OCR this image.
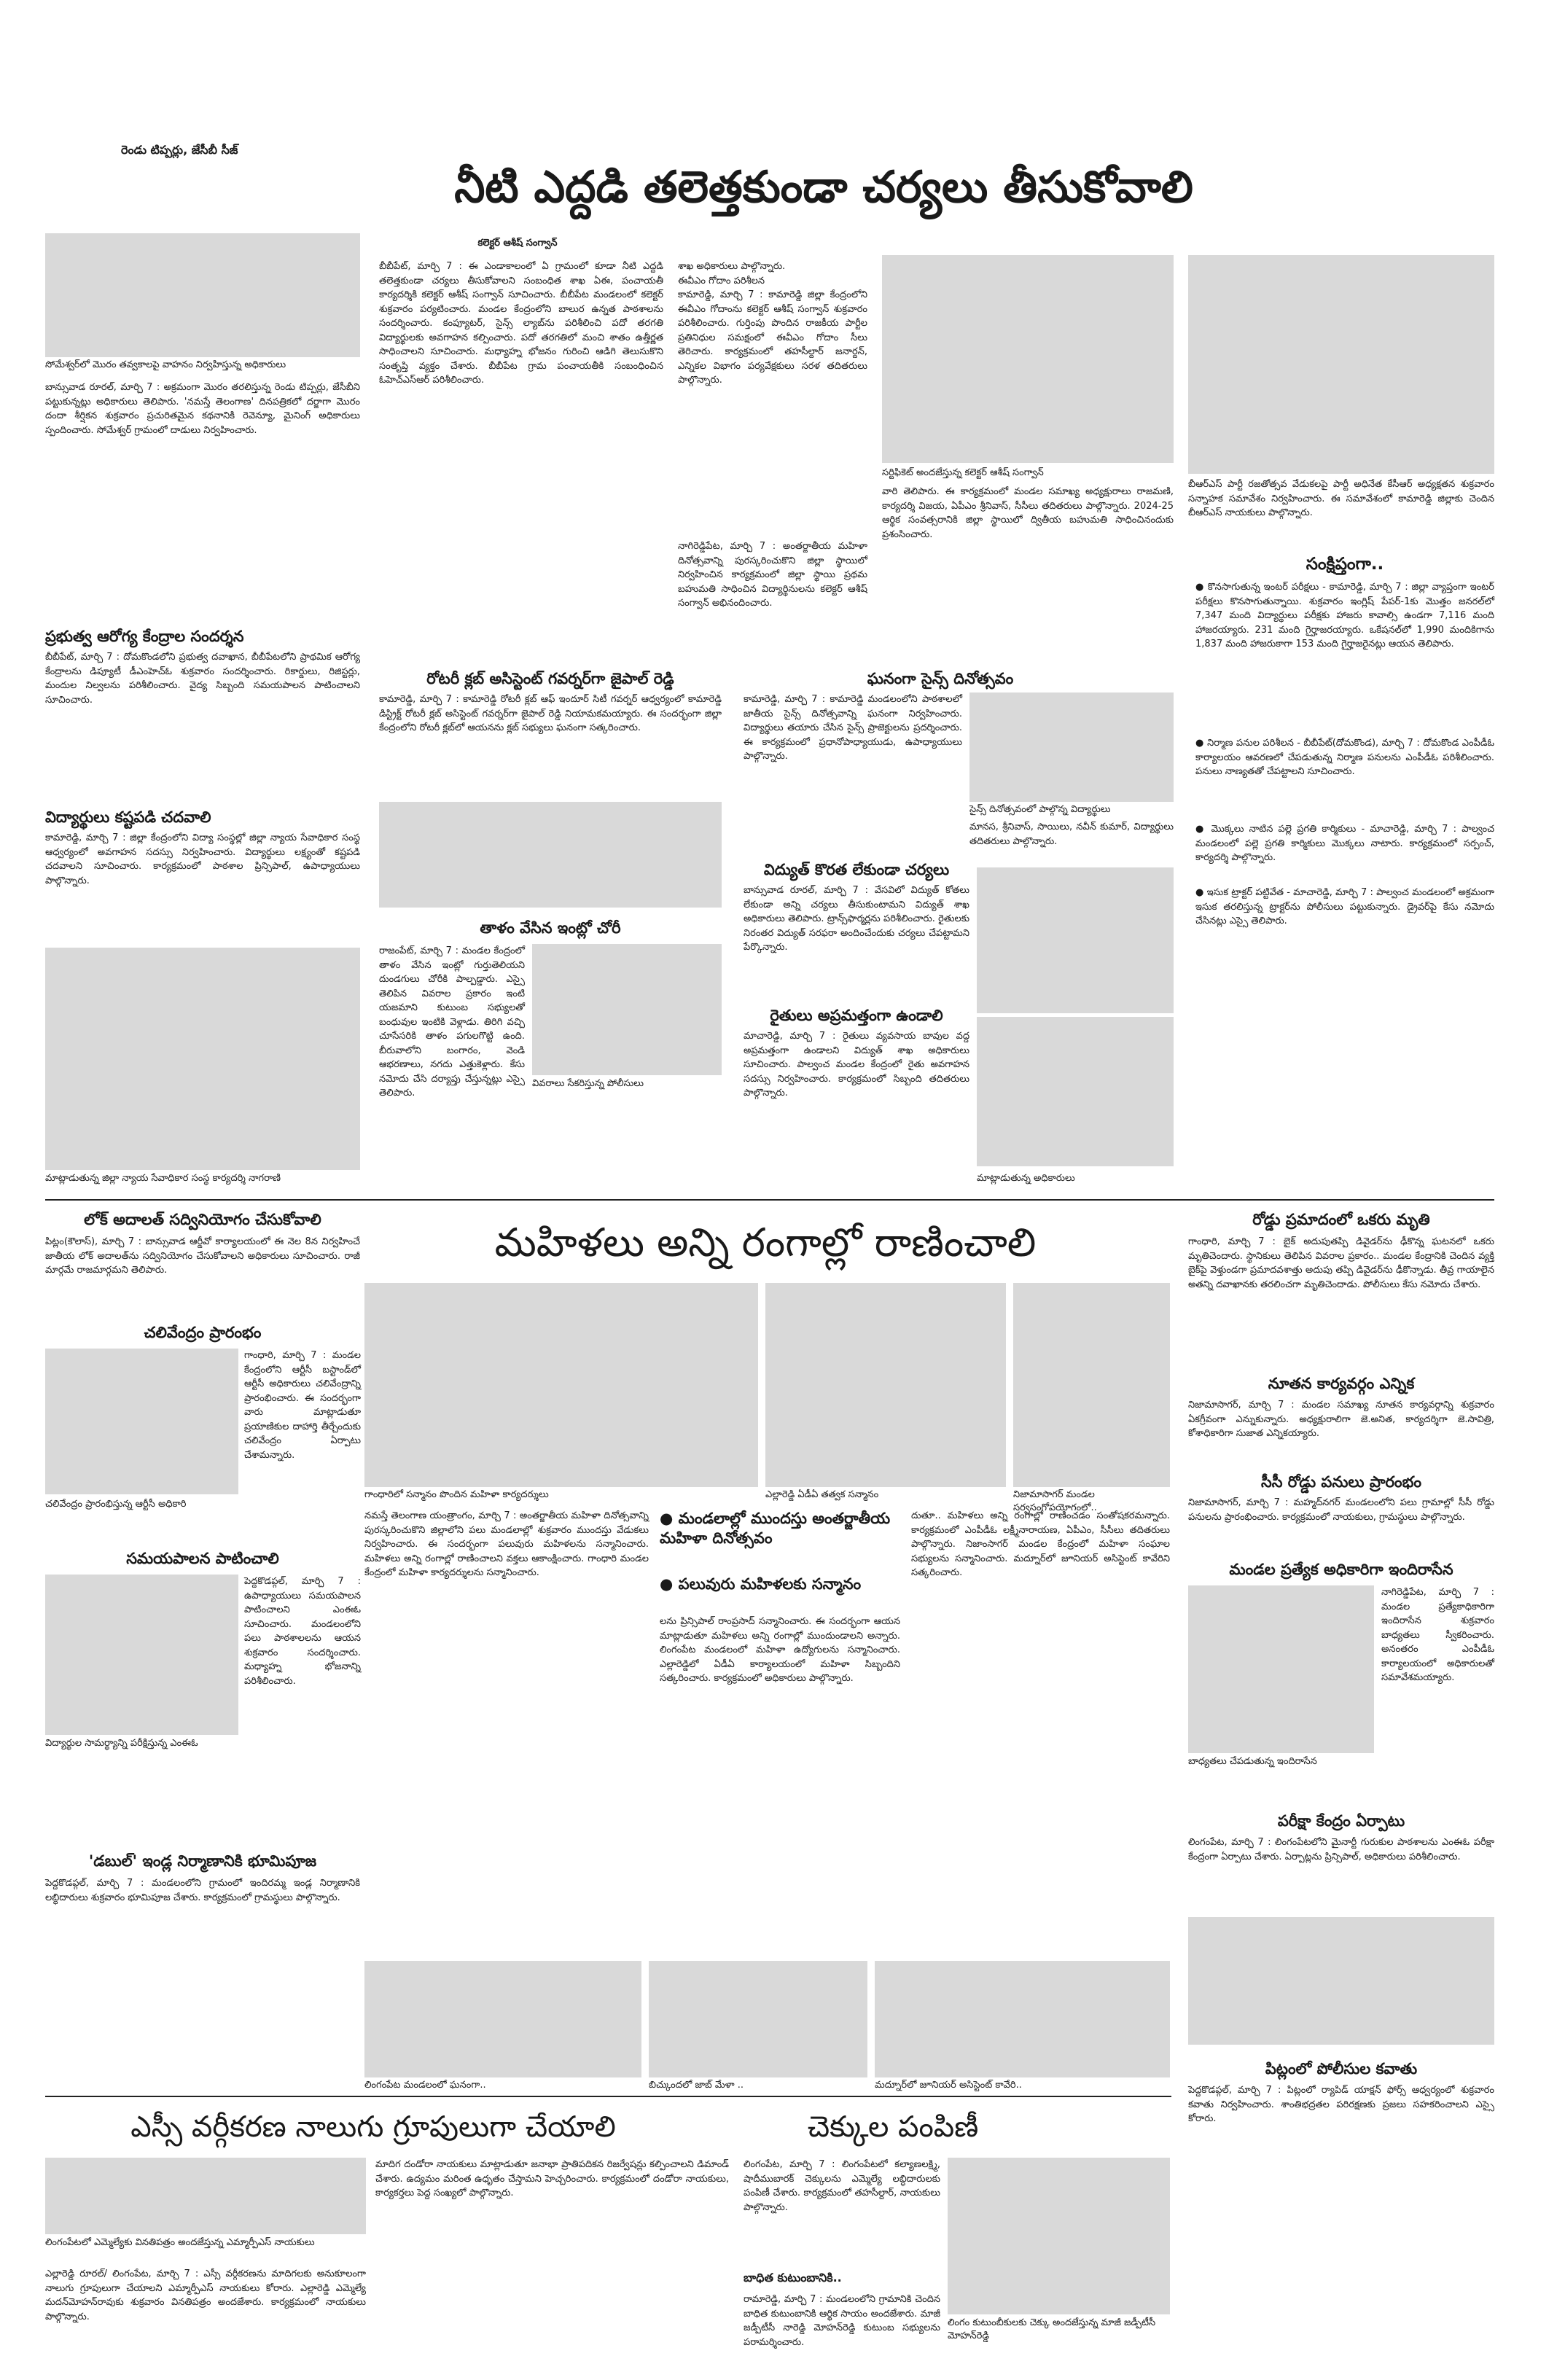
రెండు టిప్పర్లు, జేసీబీ సీజ్
నీటి ఎద్దడి తలెత్తకుండా చర్యలు తీసుకోవాలి
కలెక్టర్‌ ఆశీష్‌ సంగ్వాన్‌
సోమేశ్వర్‌లో మొరం తవ్వకాలపై వాహనం నిర్వహిస్తున్న అధికారులు
బాన్సువాడ రూరల్‌, మార్చి 7 : అక్రమంగా మొరం తరలిస్తున్న రెండు టిప్పర్లు, జేసీబీని పట్టుకున్నట్లు అధికారులు తెలిపారు. 'నమస్తే తెలంగాణ' దినపత్రికలో దర్జాగా మొరం దందా శీర్షికన శుక్రవారం ప్రచురితమైన కథనానికి రెవెన్యూ, మైనింగ్‌ అధికారులు స్పందించారు. సోమేశ్వర్‌ గ్రామంలో దాడులు నిర్వహించారు.
బీబీపేట్‌, మార్చి 7 : ఈ ఎండాకాలంలో ఏ గ్రామంలో కూడా నీటి ఎద్దడి తలెత్తకుండా చర్యలు తీసుకోవాలని సంబంధిత శాఖ ఏఈ, పంచాయతీ కార్యదర్శికి కలెక్టర్‌ ఆశీష్‌ సంగ్వాన్‌ సూచించారు. బీబీపేట మండలంలో కలెక్టర్‌ శుక్రవారం పర్యటించారు. మండల కేంద్రంలోని బాలుర ఉన్నత పాఠశాలను సందర్శించారు. కంప్యూటర్‌, సైన్స్‌ ల్యాబ్‌ను పరిశీలించి పదో తరగతి విద్యార్థులకు అవగాహన కల్పించారు. పదో తరగతిలో మంచి శాతం ఉత్తీర్ణత సాధించాలని సూచించారు. మధ్యాహ్న భోజనం గురించి ఆడిగి తెలుసుకొని సంతృప్తి వ్యక్తం చేశారు. బీబీపేట గ్రామ పంచాయతీకి సంబంధించిన ఓహెచ్‌ఎస్‌ఆర్‌ పరిశీలించారు.
శాఖ అధికారులు పాల్గొన్నారు.
ఈవీఎం గోదాం పరిశీలన
కామారెడ్డి, మార్చి 7 : కామారెడ్డి జిల్లా కేంద్రంలోని ఈవీఎం గోదాంను కలెక్టర్‌ ఆశీష్‌ సంగ్వాన్‌ శుక్రవారం పరిశీలించారు. గుర్తింపు పొందిన రాజకీయ పార్టీల ప్రతినిధుల సమక్షంలో ఈవీఎం గోదాం సీలు తెరిచారు. కార్యక్రమంలో తహసీల్దార్‌ జనార్దన్‌, ఎన్నికల విభాగం పర్యవేక్షకులు సరళ తదితరులు పాల్గొన్నారు.
నాగిరెడ్డిపేట, మార్చి 7 : అంతర్జాతీయ మహిళా దినోత్సవాన్ని పురస్కరించుకొని జిల్లా స్థాయిలో నిర్వహించిన కార్యక్రమంలో జిల్లా స్థాయి ప్రథమ బహుమతి సాధించిన విద్యార్థినులను కలెక్టర్‌ ఆశీష్‌ సంగ్వాన్‌ అభినందించారు.
సర్టిఫికెట్‌ అందజేస్తున్న కలెక్టర్‌ ఆశీష్‌ సంగ్వాన్‌
వారి తెలిపారు. ఈ కార్యక్రమంలో మండల సమాఖ్య అధ్యక్షురాలు రాజమణి, కార్యదర్శి విజయ, ఏపీఎం శ్రీనివాస్‌, సీసీలు తదితరులు పాల్గొన్నారు. 2024-25 ఆర్థిక సంవత్సరానికి జిల్లా స్థాయిలో ద్వితీయ బహుమతి సాధించినందుకు ప్రశంసించారు.
బీఆర్‌ఎస్‌ పార్టీ రజతోత్సవ వేడుకలపై పార్టీ అధినేత కేసీఆర్‌ అధ్యక్షతన శుక్రవారం సన్నాహక సమావేశం నిర్వహించారు. ఈ సమావేశంలో కామారెడ్డి జిల్లాకు చెందిన బీఆర్‌ఎస్‌ నాయకులు పాల్గొన్నారు.
ప్రభుత్వ ఆరోగ్య కేంద్రాల సందర్శన
బీబీపేట్‌, మార్చి 7 : దోమకొండలోని ప్రభుత్వ దవాఖాన, బీబీపేటలోని ప్రాథమిక ఆరోగ్య కేంద్రాలను డిప్యూటీ డీఎంహెచ్‌ఓ శుక్రవారం సందర్శించారు. రికార్డులు, రిజిస్టర్లు, మందుల నిల్వలను పరిశీలించారు. వైద్య సిబ్బంది సమయపాలన పాటించాలని సూచించారు.
విద్యార్థులు కష్టపడి చదవాలి
కామారెడ్డి, మార్చి 7 : జిల్లా కేంద్రంలోని విద్యా సంస్థల్లో జిల్లా న్యాయ సేవాధికార సంస్థ ఆధ్వర్యంలో అవగాహన సదస్సు నిర్వహించారు. విద్యార్థులు లక్ష్యంతో కష్టపడి చదవాలని సూచించారు. కార్యక్రమంలో పాఠశాల ప్రిన్సిపాల్‌, ఉపాధ్యాయులు పాల్గొన్నారు.
మాట్లాడుతున్న జిల్లా న్యాయ సేవాధికార సంస్థ కార్యదర్శి నాగరాణి
రోటరీ క్లబ్‌ అసిస్టెంట్‌ గవర్నర్‌గా జైపాల్‌ రెడ్డి
కామారెడ్డి, మార్చి 7 : కామారెడ్డి రోటరీ క్లబ్‌ ఆఫ్‌ ఇందూర్‌ సిటీ గవర్నర్‌ ఆధ్వర్యంలో కామారెడ్డి డిస్ట్రిక్ట్‌ రోటరీ క్లబ్‌ అసిస్టెంట్‌ గవర్నర్‌గా జైపాల్‌ రెడ్డి నియామకమయ్యారు. ఈ సందర్భంగా జిల్లా కేంద్రంలోని రోటరీ క్లబ్‌లో ఆయనను క్లబ్‌ సభ్యులు ఘనంగా సత్కరించారు.
తాళం వేసిన ఇంట్లో చోరీ
రాజంపేట్‌, మార్చి 7 : మండల కేంద్రంలో తాళం వేసిన ఇంట్లో గుర్తుతెలియని దుండగులు చోరీకి పాల్పడ్డారు. ఎస్సై తెలిపిన వివరాల ప్రకారం ఇంటి యజమాని కుటుంబ సభ్యులతో బంధువుల ఇంటికి వెళ్లాడు. తిరిగి వచ్చి చూసేసరికి తాళం పగులగొట్టి ఉంది. బీరువాలోని బంగారం, వెండి ఆభరణాలు, నగదు ఎత్తుకెళ్లారు. కేసు నమోదు చేసి దర్యాప్తు చేస్తున్నట్లు ఎస్సై తెలిపారు.
వివరాలు సేకరిస్తున్న పోలీసులు
ఘనంగా సైన్స్‌ దినోత్సవం
కామారెడ్డి, మార్చి 7 : కామారెడ్డి మండలంలోని పాఠశాలలో జాతీయ సైన్స్‌ దినోత్సవాన్ని ఘనంగా నిర్వహించారు. విద్యార్థులు తయారు చేసిన సైన్స్‌ ప్రాజెక్టులను ప్రదర్శించారు. ఈ కార్యక్రమంలో ప్రధానోపాధ్యాయుడు, ఉపాధ్యాయులు పాల్గొన్నారు.
సైన్స్‌ దినోత్సవంలో పాల్గొన్న విద్యార్థులు
మానస, శ్రీనివాస్‌, సాయిలు, నవీన్‌ కుమార్‌, విద్యార్థులు తదితరులు పాల్గొన్నారు.
విద్యుత్‌ కొరత లేకుండా చర్యలు
బాన్సువాడ రూరల్‌, మార్చి 7 : వేసవిలో విద్యుత్‌ కోతలు లేకుండా అన్ని చర్యలు తీసుకుంటామని విద్యుత్‌ శాఖ అధికారులు తెలిపారు. ట్రాన్స్‌ఫార్మర్లను పరిశీలించారు. రైతులకు నిరంతర విద్యుత్‌ సరఫరా అందించేందుకు చర్యలు చేపట్టామని పేర్కొన్నారు.
రైతులు అప్రమత్తంగా ఉండాలి
మాచారెడ్డి, మార్చి 7 : రైతులు వ్యవసాయ బావుల వద్ద అప్రమత్తంగా ఉండాలని విద్యుత్‌ శాఖ అధికారులు సూచించారు. పాల్వంచ మండల కేంద్రంలో రైతు అవగాహన సదస్సు నిర్వహించారు. కార్యక్రమంలో సిబ్బంది తదితరులు పాల్గొన్నారు.
మాట్లాడుతున్న అధికారులు
సంక్షిప్తంగా..
● కొనసాగుతున్న ఇంటర్‌ పరీక్షలు - కామారెడ్డి, మార్చి 7 : జిల్లా వ్యాప్తంగా ఇంటర్‌ పరీక్షలు కొనసాగుతున్నాయి. శుక్రవారం ఇంగ్లిష్‌ పేపర్‌-1కు మొత్తం జనరల్‌లో 7,347 మంది విద్యార్థులు పరీక్షకు హాజరు కావాల్సి ఉండగా 7,116 మంది హాజరయ్యారు. 231 మంది గైర్హాజరయ్యారు. ఒకేషనల్‌లో 1,990 మందికిగాను 1,837 మంది హాజరుకాగా 153 మంది గైర్హాజరైనట్లు ఆయన తెలిపారు.
● నిర్మాణ పనుల పరిశీలన - బీబీపేట్‌(దోమకొండ), మార్చి 7 : దోమకొండ ఎంపీడీఓ కార్యాలయం ఆవరణలో చేపడుతున్న నిర్మాణ పనులను ఎంపీడీఓ పరిశీలించారు. పనులు నాణ్యతతో చేపట్టాలని సూచించారు.
● మొక్కలు నాటిన పల్లె ప్రగతి కార్మికులు - మాచారెడ్డి, మార్చి 7 : పాల్వంచ మండలంలో పల్లె ప్రగతి కార్మికులు మొక్కలు నాటారు. కార్యక్రమంలో సర్పంచ్‌, కార్యదర్శి పాల్గొన్నారు.
● ఇసుక ట్రాక్టర్‌ పట్టివేత - మాచారెడ్డి, మార్చి 7 : పాల్వంచ మండలంలో అక్రమంగా ఇసుక తరలిస్తున్న ట్రాక్టర్‌ను పోలీసులు పట్టుకున్నారు. డ్రైవర్‌పై కేసు నమోదు చేసినట్లు ఎస్సై తెలిపారు.
లోక్‌ అదాలత్‌ సద్వినియోగం చేసుకోవాలి
పిట్లం(కౌలాస్‌), మార్చి 7 : బాన్సువాడ ఆర్డీవో కార్యాలయంలో ఈ నెల 8న నిర్వహించే జాతీయ లోక్‌ అదాలత్‌ను సద్వినియోగం చేసుకోవాలని అధికారులు సూచించారు. రాజీ మార్గమే రాజమార్గమని తెలిపారు.
చలివేంద్రం ప్రారంభం
గాంధారి, మార్చి 7 : మండల కేంద్రంలోని ఆర్టీసీ బస్టాండ్‌లో ఆర్టీసీ అధికారులు చలివేంద్రాన్ని ప్రారంభించారు. ఈ సందర్భంగా వారు మాట్లాడుతూ ప్రయాణికుల దాహార్తి తీర్చేందుకు చలివేంద్రం ఏర్పాటు చేశామన్నారు.
చలివేంద్రం ప్రారంభిస్తున్న ఆర్టీసీ అధికారి
సమయపాలన పాటించాలి
పెద్దకొడప్గల్‌, మార్చి 7 : ఉపాధ్యాయులు సమయపాలన పాటించాలని ఎంఈఓ సూచించారు. మండలంలోని పలు పాఠశాలలను ఆయన శుక్రవారం సందర్శించారు. మధ్యాహ్న భోజనాన్ని పరిశీలించారు.
విద్యార్థుల సామర్థ్యాన్ని పరీక్షిస్తున్న ఎంఈఓ
'డబుల్‌' ఇండ్ల నిర్మాణానికి భూమిపూజ
పెద్దకొడప్గల్‌, మార్చి 7 : మండలంలోని గ్రామంలో ఇందిరమ్మ ఇండ్ల నిర్మాణానికి లబ్ధిదారులు శుక్రవారం భూమిపూజ చేశారు. కార్యక్రమంలో గ్రామస్థులు పాల్గొన్నారు.
మహిళలు అన్ని రంగాల్లో రాణించాలి
గాంధారిలో సన్మానం పొందిన మహిళా కార్యదర్శులు	ఎల్లారెడ్డి ఏడీఏ తత్వక సన్మానం	నిజామాసాగర్‌ మండల సర్వసంగోపయోగంలో..
నమస్తే తెలంగాణ యంత్రాంగం, మార్చి 7 : అంతర్జాతీయ మహిళా దినోత్సవాన్ని పురస్కరించుకొని జిల్లాలోని పలు మండలాల్లో శుక్రవారం ముందస్తు వేడుకలు నిర్వహించారు. ఈ సందర్భంగా పలువురు మహిళలను సన్మానించారు. మహిళలు అన్ని రంగాల్లో రాణించాలని వక్తలు ఆకాంక్షించారు. గాంధారి మండల కేంద్రంలో మహిళా కార్యదర్శులను సన్మానించారు.
● మండలాల్లో ముందస్తు అంతర్జాతీయ మహిళా దినోత్సవం
● పలువురు మహిళలకు సన్మానం
లను ప్రిన్సిపాల్‌ రాంప్రసాద్‌ సన్మానించారు. ఈ సందర్భంగా ఆయన మాట్లాడుతూ మహిళలు అన్ని రంగాల్లో ముందుండాలని అన్నారు. లింగంపేట మండలంలో మహిళా ఉద్యోగులను సన్మానించారు. ఎల్లారెడ్డిలో ఏడీఏ కార్యాలయంలో మహిళా సిబ్బందిని సత్కరించారు. కార్యక్రమంలో అధికారులు పాల్గొన్నారు.
దుతూ.. మహిళలు అన్ని రంగాల్లో రాణించడం సంతోషకరమన్నారు. కార్యక్రమంలో ఎంపీడీఓ లక్ష్మీనారాయణ, ఏపీఎం, సీసీలు తదితరులు పాల్గొన్నారు. నిజాంసాగర్‌ మండల కేంద్రంలో మహిళా సంఘాల సభ్యులను సన్మానించారు. మద్నూర్‌లో జూనియర్‌ అసిస్టెంట్‌ కావేరిని సత్కరించారు.
రోడ్డు ప్రమాదంలో ఒకరు మృతి
గాంధారి, మార్చి 7 : బైక్‌ అదుపుతప్పి డివైడర్‌ను ఢీకొన్న ఘటనలో ఒకరు మృతిచెందారు. స్థానికులు తెలిపిన వివరాల ప్రకారం.. మండల కేంద్రానికి చెందిన వ్యక్తి బైక్‌పై వెళ్తుండగా ప్రమాదవశాత్తు అదుపు తప్పి డివైడర్‌ను ఢీకొన్నాడు. తీవ్ర గాయాలైన అతన్ని దవాఖానకు తరలించగా మృతిచెందాడు. పోలీసులు కేసు నమోదు చేశారు.
నూతన కార్యవర్గం ఎన్నిక
నిజామాసాగర్‌, మార్చి 7 : మండల సమాఖ్య నూతన కార్యవర్గాన్ని శుక్రవారం ఏకగ్రీవంగా ఎన్నుకున్నారు. అధ్యక్షురాలిగా జె.అనిత, కార్యదర్శిగా జె.సావిత్రి, కోశాధికారిగా సుజాత ఎన్నికయ్యారు.
సీసీ రోడ్డు పనులు ప్రారంభం
నిజామాసాగర్‌, మార్చి 7 : మహ్మద్‌నగర్‌ మండలంలోని పలు గ్రామాల్లో సీసీ రోడ్డు పనులను ప్రారంభించారు. కార్యక్రమంలో నాయకులు, గ్రామస్థులు పాల్గొన్నారు.
మండల ప్రత్యేక అధికారిగా ఇందిరాసేన
నాగిరెడ్డిపేట, మార్చి 7 : మండల ప్రత్యేకాధికారిగా ఇందిరాసేన శుక్రవారం బాధ్యతలు స్వీకరించారు. అనంతరం ఎంపీడీఓ కార్యాలయంలో అధికారులతో సమావేశమయ్యారు.
బాధ్యతలు చేపడుతున్న ఇందిరాసేన
పరీక్షా కేంద్రం ఏర్పాటు
లింగంపేట, మార్చి 7 : లింగంపేటలోని మైనార్టీ గురుకుల పాఠశాలను ఎంఈఓ పరీక్షా కేంద్రంగా ఏర్పాటు చేశారు. ఏర్పాట్లను ప్రిన్సిపాల్‌, అధికారులు పరిశీలించారు.
పిట్లంలో పోలీసుల కవాతు
పెద్దకొడప్గల్‌, మార్చి 7 : పిట్లంలో ర్యాపిడ్‌ యాక్షన్‌ ఫోర్స్‌ ఆధ్వర్యంలో శుక్రవారం కవాతు నిర్వహించారు. శాంతిభద్రతల పరిరక్షణకు ప్రజలు సహకరించాలని ఎస్సై కోరారు.
లింగంపేట మండలంలో ఘనంగా..	బిచ్కుందలో జాబ్‌ మేళా ..	మద్నూర్‌లో జూనియర్‌ అసిస్టెంట్‌ కావేరి..
ఎస్సీ వర్గీకరణ నాలుగు గ్రూపులుగా చేయాలి	చెక్కుల పంపిణీ
లింగంపేటలో ఎమ్మెల్యేకు వినతిపత్రం అందజేస్తున్న ఎమ్మార్పీఎస్‌ నాయకులు
ఎల్లారెడ్డి రూరల్‌/ లింగంపేట, మార్చి 7 : ఎస్సీ వర్గీకరణను మాదిగలకు అనుకూలంగా నాలుగు గ్రూపులుగా చేయాలని ఎమ్మార్పీఎస్‌ నాయకులు కోరారు. ఎల్లారెడ్డి ఎమ్మెల్యే మదన్‌మోహన్‌రావుకు శుక్రవారం వినతిపత్రం అందజేశారు. కార్యక్రమంలో నాయకులు పాల్గొన్నారు.
మాదిగ దండోరా నాయకులు మాట్లాడుతూ జనాభా ప్రాతిపదికన రిజర్వేషన్లు కల్పించాలని డిమాండ్‌ చేశారు. ఉద్యమం మరింత ఉధృతం చేస్తామని హెచ్చరించారు. కార్యక్రమంలో దండోరా నాయకులు, కార్యకర్తలు పెద్ద సంఖ్యలో పాల్గొన్నారు.
లింగంపేట, మార్చి 7 : లింగంపేటలో కల్యాణలక్ష్మి, షాదీముబారక్‌ చెక్కులను ఎమ్మెల్యే లబ్ధిదారులకు పంపిణీ చేశారు. కార్యక్రమంలో తహసీల్దార్‌, నాయకులు పాల్గొన్నారు.
బాధిత కుటుంబానికి..
రామారెడ్డి, మార్చి 7 : మండలంలోని గ్రామానికి చెందిన బాధిత కుటుంబానికి ఆర్థిక సాయం అందజేశారు. మాజీ జడ్పీటీసీ నారెడ్డి మోహన్‌రెడ్డి కుటుంబ సభ్యులను పరామర్శించారు.
లింగం కుటుంబీకులకు చెక్కు అందజేస్తున్న మాజీ జడ్పీటీసీ మోహన్‌రెడ్డి
